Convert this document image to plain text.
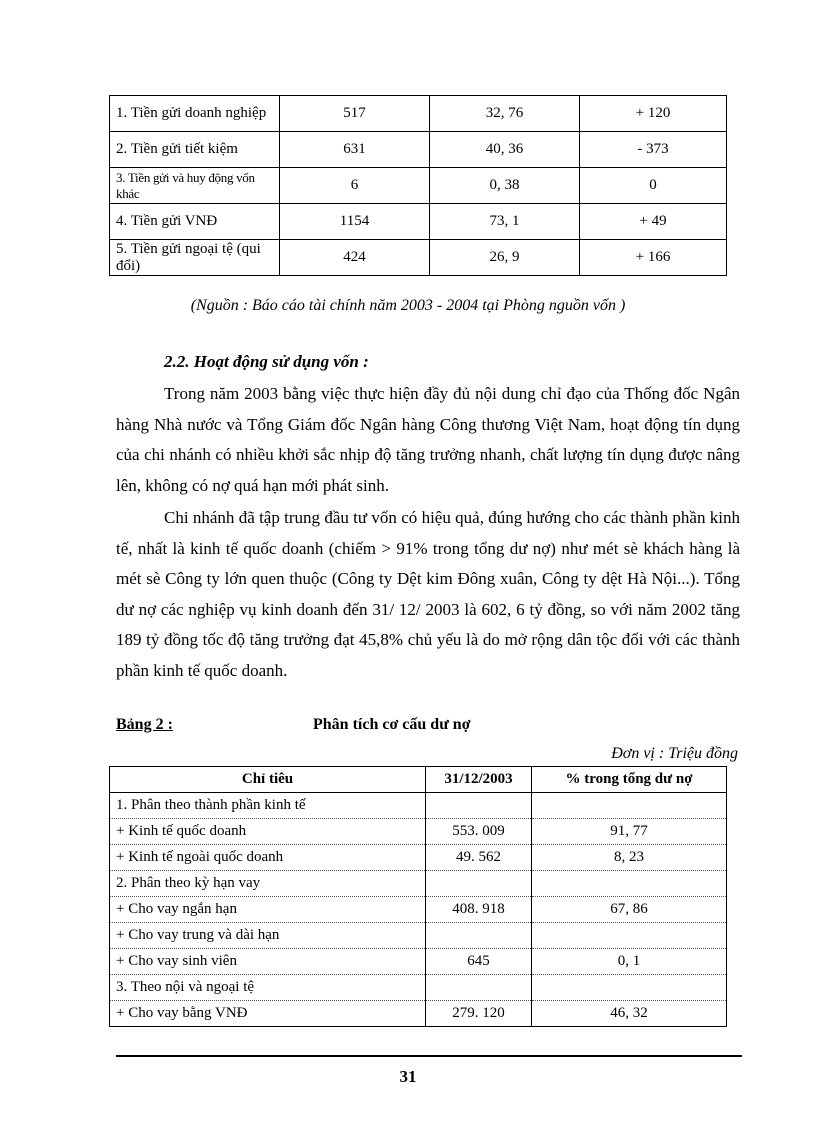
1. Tiền gửi doanh nghiệp	517	32, 76	+ 120
2. Tiền gửi tiết kiệm	631	40, 36	- 373
3. Tiền gửi và huy động vốn khác	6	0, 38	0
4. Tiền gửi VNĐ	1154	73, 1	+ 49
5. Tiền gửi ngoại tệ (qui đổi)	424	26, 9	+ 166
(Nguồn : Báo cáo tài chính năm 2003 - 2004 tại Phòng nguồn vốn )
2.2. Hoạt động sử dụng vốn :

Trong năm 2003 bằng việc thực hiện đầy đủ nội dung chỉ đạo của Thống đốc Ngân hàng Nhà nước và Tổng Giám đốc Ngân hàng Công thương Việt Nam, hoạt động tín dụng của chi nhánh có nhiều khởi sắc nhịp độ tăng trưởng nhanh, chất lượng tín dụng được nâng lên, không có nợ quá hạn mới phát sinh.

Chi nhánh đã tập trung đầu tư vốn có hiệu quả, đúng hướng cho các thành phần kinh tế, nhất là kinh tế quốc doanh (chiếm > 91% trong tổng dư nợ) như mét sè khách hàng là mét sè Công ty lớn quen thuộc (Công ty Dệt kim Đông xuân, Công ty dệt Hà Nội...). Tổng dư nợ các nghiệp vụ kinh doanh đến 31/ 12/ 2003 là 602, 6 tỷ đồng, so với năm 2002 tăng 189 tỷ đồng tốc độ tăng trưởng đạt 45,8% chủ yếu là do mở rộng dân tộc đối với các thành phần kinh tế quốc doanh.

Bảng 2 :	Phân tích cơ cấu dư nợ
Đơn vị : Triệu đồng
Chỉ tiêu	31/12/2003	% trong tổng dư nợ
1. Phân theo thành phần kinh tế		
+ Kinh tế quốc doanh	553. 009	91, 77
+ Kinh tế ngoài quốc doanh	49. 562	8, 23
2. Phân theo kỳ hạn vay		
+ Cho vay ngắn hạn	408. 918	67, 86
+ Cho vay trung và dài hạn		
+ Cho vay sinh viên	645	0, 1
3. Theo nội và ngoại tệ		
+ Cho vay bằng VNĐ	279. 120	46, 32
31
